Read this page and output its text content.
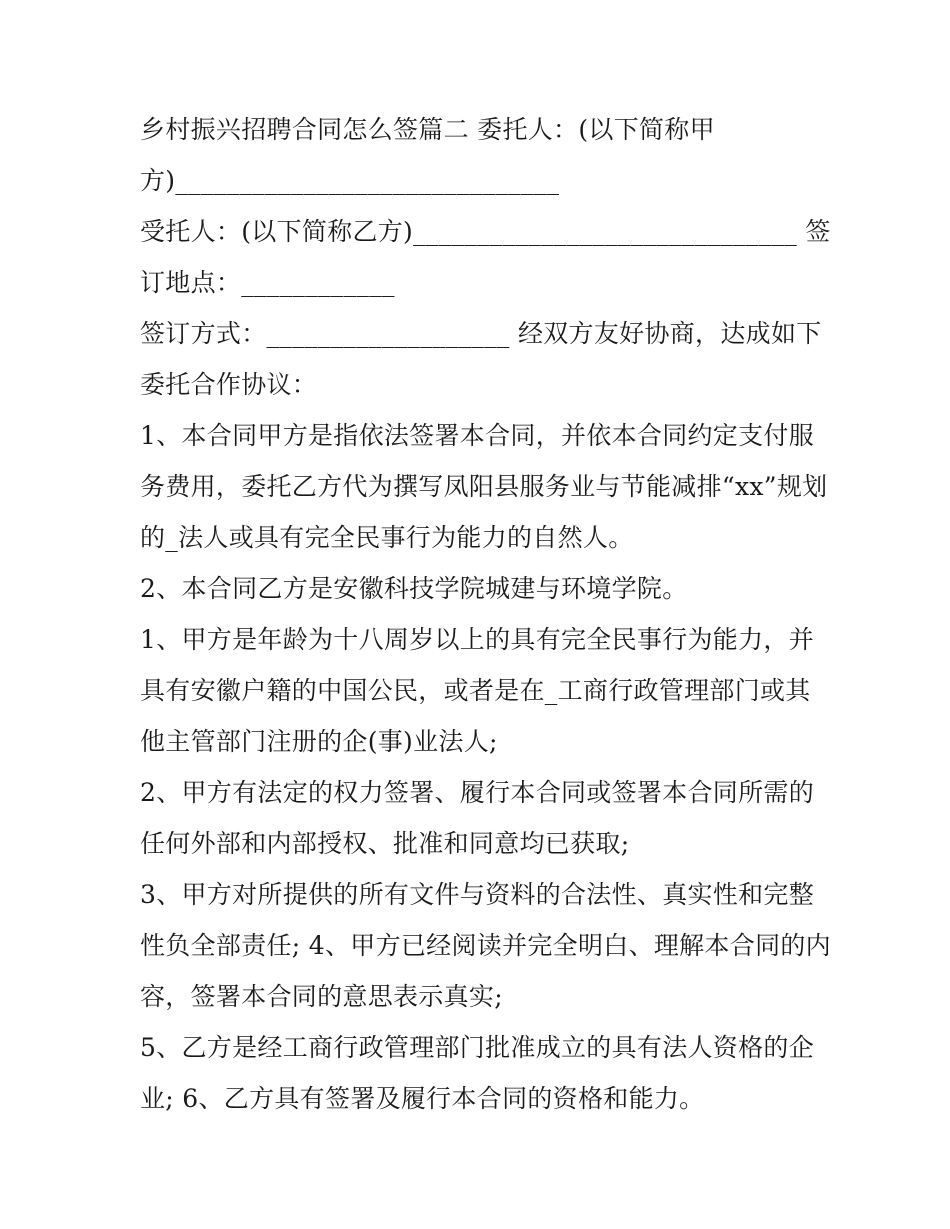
乡村振兴招聘合同怎么签篇二 委托人：(以下简称甲
方)______________________________
受托人：(以下简称乙方)______________________________ 签
订地点：____________
签订方式：___________________ 经双方友好协商，达成如下
委托合作协议：
1、本合同甲方是指依法签署本合同，并依本合同约定支付服
务费用，委托乙方代为撰写凤阳县服务业与节能减排“xx”规划
的_法人或具有完全民事行为能力的自然人。
2、本合同乙方是安徽科技学院城建与环境学院。
1、甲方是年龄为十八周岁以上的具有完全民事行为能力，并
具有安徽户籍的中国公民，或者是在_工商行政管理部门或其
他主管部门注册的企(事)业法人;
2、甲方有法定的权力签署、履行本合同或签署本合同所需的
任何外部和内部授权、批准和同意均已获取;
3、甲方对所提供的所有文件与资料的合法性、真实性和完整
性负全部责任; 4、甲方已经阅读并完全明白、理解本合同的内
容，签署本合同的意思表示真实;
5、乙方是经工商行政管理部门批准成立的具有法人资格的企
业; 6、乙方具有签署及履行本合同的资格和能力。
